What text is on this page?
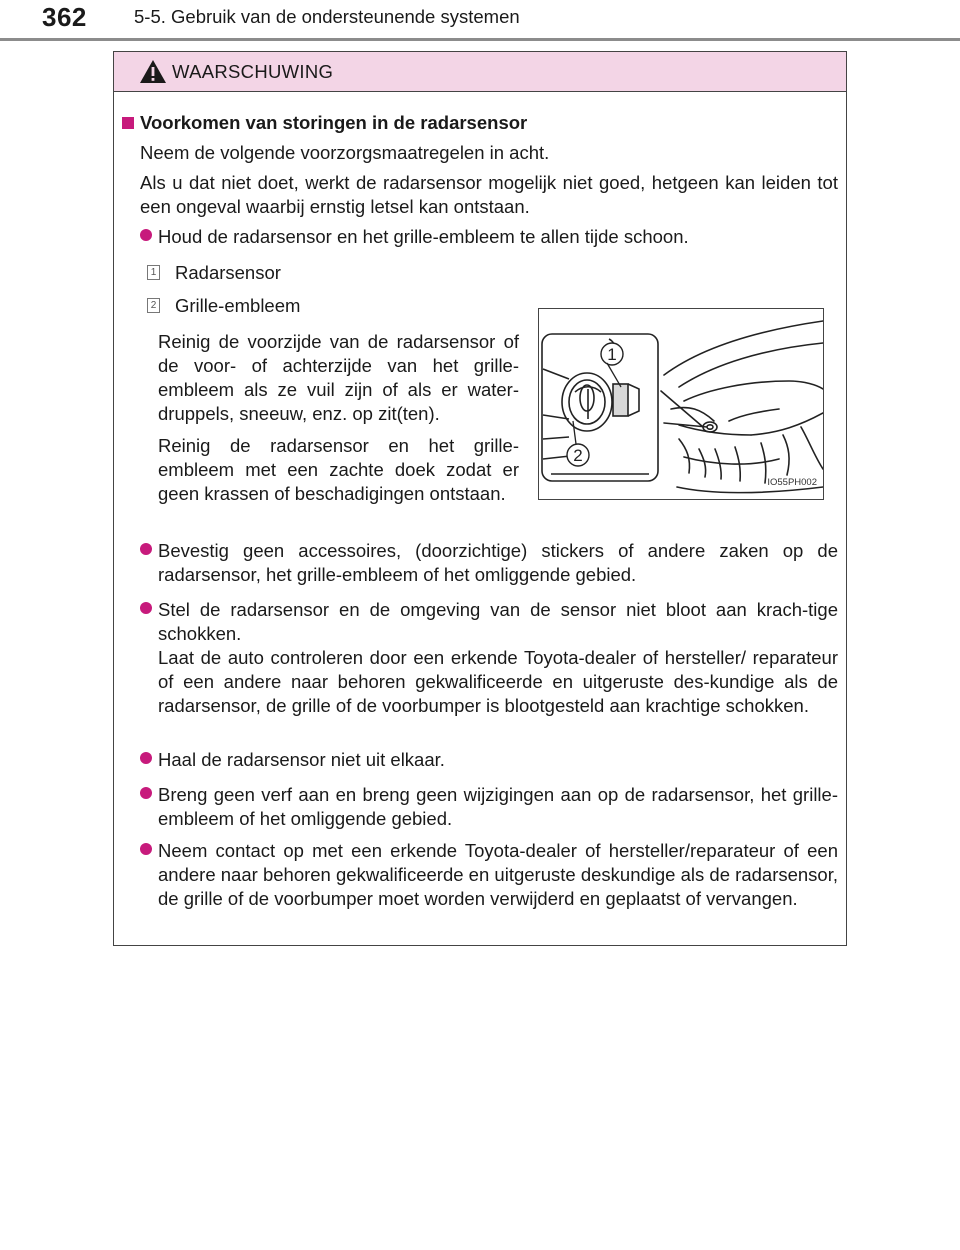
362	5-5. Gebruik van de ondersteunende systemen
WAARSCHUWING
Voorkomen van storingen in de radarsensor
Neem de volgende voorzorgsmaatregelen in acht.
Als u dat niet doet, werkt de radarsensor mogelijk niet goed, hetgeen kan leiden tot een ongeval waarbij ernstig letsel kan ontstaan.
Houd de radarsensor en het grille-embleem te allen tijde schoon.
1 Radarsensor
2 Grille-embleem
Reinig de voorzijde van de radarsensor of de voor- of achterzijde van het grille-embleem als ze vuil zijn of als er water-druppels, sneeuw, enz. op zit(ten).
Reinig de radarsensor en het grille-embleem met een zachte doek zodat er geen krassen of beschadigingen ontstaan.
1
2
IO55PH002
Bevestig geen accessoires, (doorzichtige) stickers of andere zaken op de radarsensor, het grille-embleem of het omliggende gebied.
Stel de radarsensor en de omgeving van de sensor niet bloot aan krach-tige schokken.
Laat de auto controleren door een erkende Toyota-dealer of hersteller/ reparateur of een andere naar behoren gekwalificeerde en uitgeruste des-kundige als de radarsensor, de grille of de voorbumper is blootgesteld aan krachtige schokken.
Haal de radarsensor niet uit elkaar.
Breng geen verf aan en breng geen wijzigingen aan op de radarsensor, het grille-embleem of het omliggende gebied.
Neem contact op met een erkende Toyota-dealer of hersteller/reparateur of een andere naar behoren gekwalificeerde en uitgeruste deskundige als de radarsensor, de grille of de voorbumper moet worden verwijderd en geplaatst of vervangen.
